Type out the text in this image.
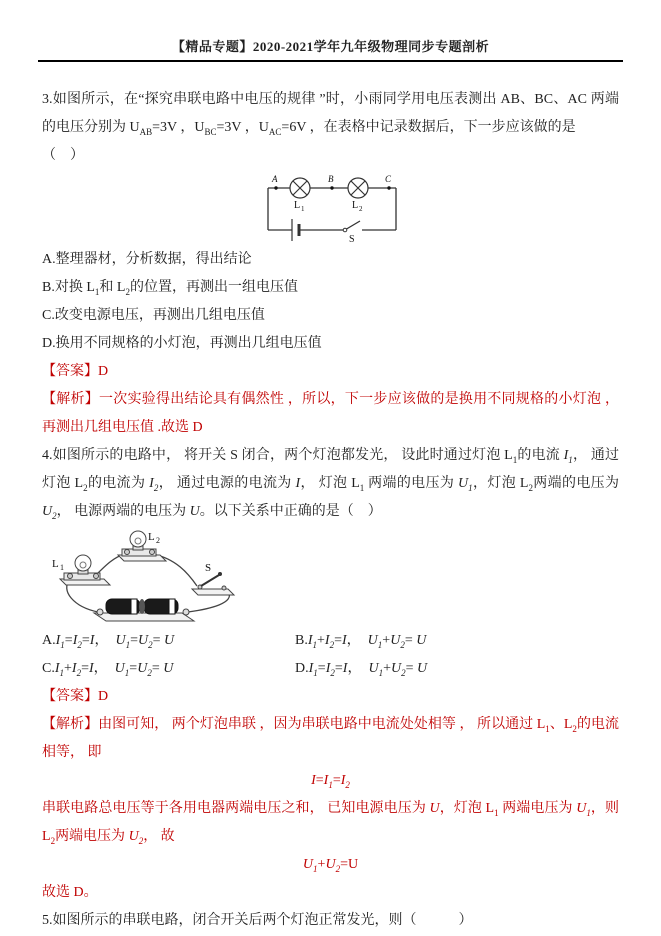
【精品专题】2020-2021学年九年级物理同步专题剖析

3.如图所示，在“探究串联电路中电压的规律 ”时，小雨同学用电压表测出 AB、BC、AC 两端的电压分别为 $U_{AB}=3V$ ，$U_{BC}=3V$ ，$U_{AC}=6V$ ，在表格中记录数据后，下一步应该做的是

（　）

A	B	C
L 1	L 2
S

A.整理器材，分析数据，得出结论

B.对换 $L_1$和 $L_2$的位置，再测出一组电压值

C.改变电源电压，再测出几组电压值

D.换用不同规格的小灯泡，再测出几组电压值

【答案】D

【解析】一次实验得出结论具有偶然性 ，所以，下一步应该做的是换用不同规格的小灯泡 ，再测出几组电压值 .故选 D

4.如图所示的电路中， 将开关 S 闭合，两个灯泡都发光， 设此时通过灯泡 $L_1$的电流 $I_1$， 通过灯泡 $L_2$的电流为 $I_2$， 通过电源的电流为 I， 灯泡 $L_1$ 两端的电压为 $U_1$，灯泡 $L_2$两端的电压为 $U_2$， 电源两端的电压为 U。以下关系中正确的是（　）

L 1
L 2
S

$A.I_1=I_2=I$，　$U_1=U_2= U$	$B.I_1+I_2=I$，　$U_1+U_2= U$

$C.I_1+I_2=I$，　$U_1=U_2= U$	$D.I_1=I_2=I$，　$U_1+U_2= U$

【答案】D

【解析】由图可知， 两个灯泡串联 ，因为串联电路中电流处处相等 ， 所以通过 $L_1$、$L_2$的电流相等， 即

$I=I_1=I_2$

串联电路总电压等于各用电器两端电压之和， 已知电源电压为 U，灯泡 $L_1$ 两端电压为 $U_1$，则 $L_2$两端电压为 $U_2$， 故

$U_1+U_2=U$

故选 D。

5.如图所示的串联电路，闭合开关后两个灯泡正常发光，则（　　　）
